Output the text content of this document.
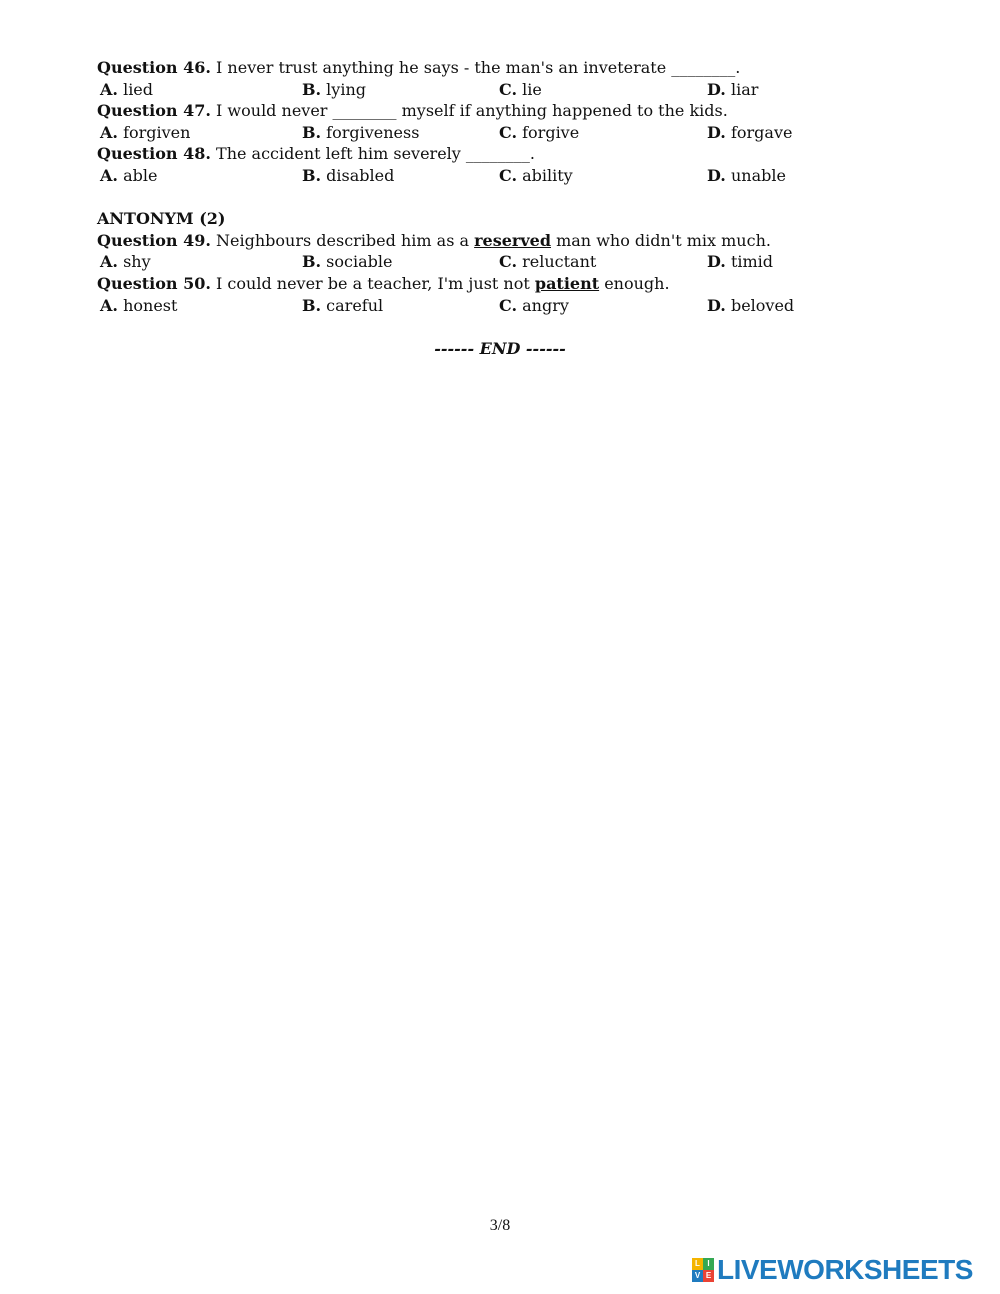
Question 46. I never trust anything he says - the man's an inveterate ________.
A. lied	B. lying	C. lie	D. liar
Question 47. I would never ________ myself if anything happened to the kids.
A. forgiven	B. forgiveness	C. forgive	D. forgave
Question 48. The accident left him severely ________.
A. able	B. disabled	C. ability	D. unable
ANTONYM (2)
Question 49. Neighbours described him as a reserved man who didn't mix much.
A. shy	B. sociable	C. reluctant	D. timid
Question 50. I could never be a teacher, I'm just not patient enough.
A. honest	B. careful	C. angry	D. beloved
------ END ------
3/8
L I
V E LIVEWORKSHEETS
